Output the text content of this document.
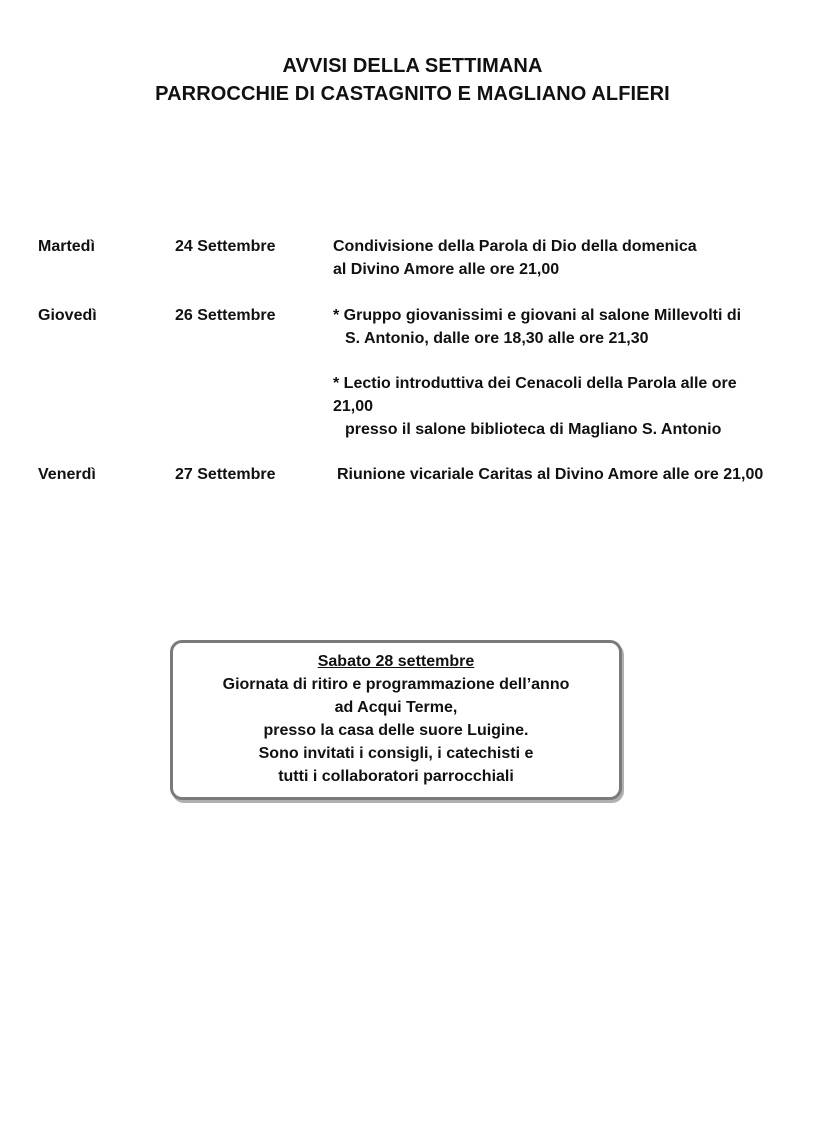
AVVISI DELLA SETTIMANA
PARROCCHIE DI CASTAGNITO E MAGLIANO ALFIERI
Martedì	24 Settembre	Condivisione della Parola di Dio della domenica
al Divino Amore alle ore 21,00
Giovedì	26 Settembre	* Gruppo giovanissimi e giovani al salone Millevolti di
S. Antonio, dalle ore 18,30 alle ore 21,30
* Lectio introduttiva dei Cenacoli della Parola alle ore
21,00
presso il salone biblioteca di Magliano S. Antonio
Venerdì	27 Settembre	Riunione vicariale Caritas al Divino Amore alle ore 21,00
Sabato 28 settembre
Giornata di ritiro e programmazione dell’anno
ad Acqui Terme,
presso la casa delle suore Luigine.
Sono invitati i consigli, i catechisti e
tutti i collaboratori parrocchiali
